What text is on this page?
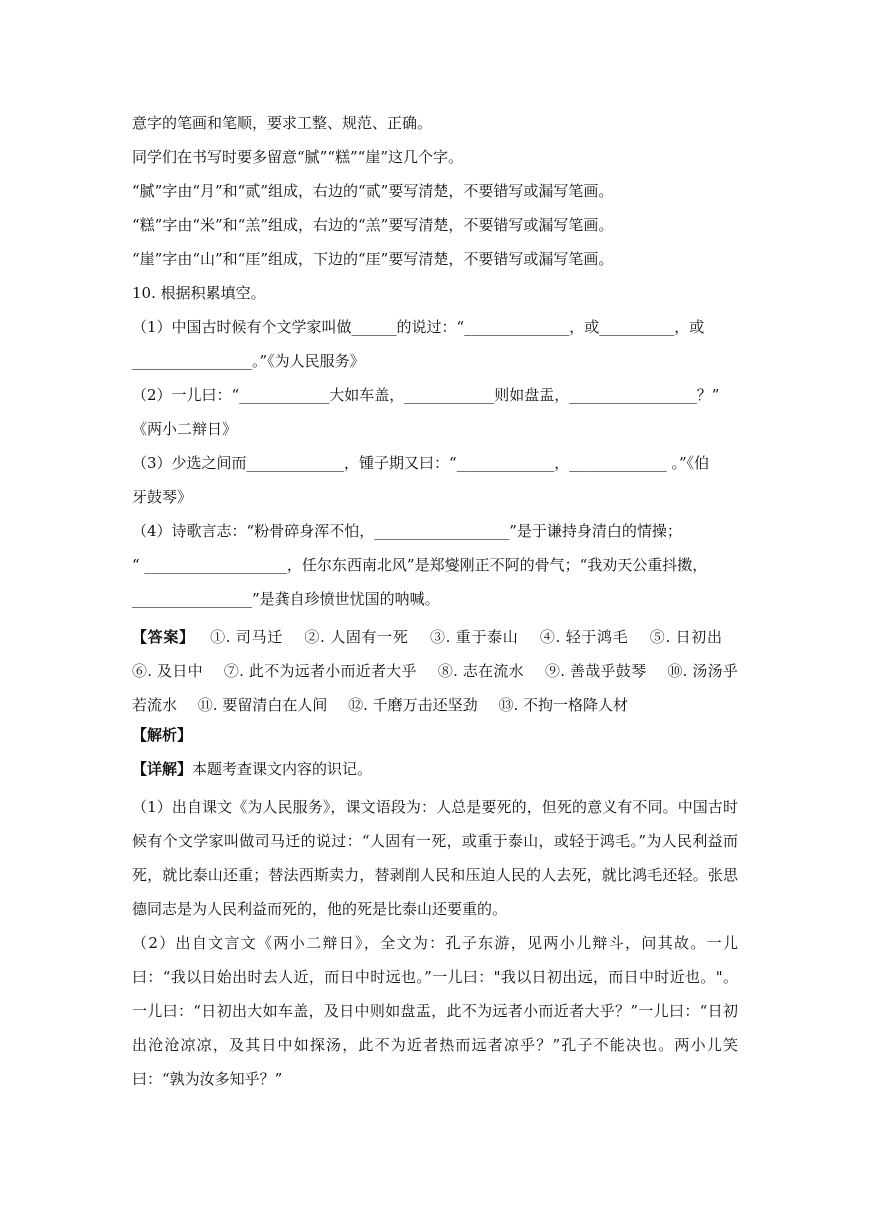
意字的笔画和笔顺，要求工整、规范、正确。
同学们在书写时要多留意“腻”“糕”“崖”这几个字。
“腻”字由“月”和“贰”组成，右边的“贰”要写清楚，不要错写或漏写笔画。
“糕”字由“米”和“羔”组成，右边的“羔”要写清楚，不要错写或漏写笔画。
“崖”字由“山”和“厓”组成，下边的“厓”要写清楚，不要错写或漏写笔画。
10. 根据积累填空。
（1）中国古时候有个文学家叫做______的说过：“______________，或__________，或
________________。”《为人民服务》
（2）一儿曰：“____________大如车盖，____________则如盘盂，_________________？”
《两小二辩日》
（3）少选之间而_____________，锺子期又曰：“_____________，_____________ 。”《伯
牙鼓琴》
（4）诗歌言志：“粉骨碎身浑不怕，__________________”是于谦持身清白的情操；
“ ___________________，任尔东西南北风”是郑燮刚正不阿的骨气；“我劝天公重抖擞，
________________”是龚自珍愤世忧国的呐喊。
【答案】 ①. 司马迁 ②. 人固有一死 ③. 重于泰山 ④. 轻于鸿毛 ⑤. 日初出 ⑥. 及日中 ⑦. 此不为远者小而近者大乎 ⑧. 志在流水 ⑨. 善哉乎鼓琴 ⑩. 汤汤乎若流水 ⑪. 要留清白在人间 ⑫. 千磨万击还坚劲 ⑬. 不拘一格降人材
【解析】
【详解】本题考查课文内容的识记。
（1）出自课文《为人民服务》，课文语段为：人总是要死的，但死的意义有不同。中国古时候有个文学家叫做司马迁的说过：“人固有一死，或重于泰山，或轻于鸿毛。”为人民利益而死，就比泰山还重；替法西斯卖力，替剥削人民和压迫人民的人去死，就比鸿毛还轻。张思德同志是为人民利益而死的，他的死是比泰山还要重的。
（2）出自文言文《两小二辩日》，全文为：孔子东游，见两小儿辩斗，问其故。一儿曰：“我以日始出时去人近，而日中时远也。”一儿曰："我以日初出远，而日中时近也。"。一儿曰：“日初出大如车盖，及日中则如盘盂，此不为远者小而近者大乎？”一儿曰：“日初出沧沧凉凉，及其日中如探汤，此不为近者热而远者凉乎？”孔子不能决也。两小儿笑曰：“孰为汝多知乎？”
